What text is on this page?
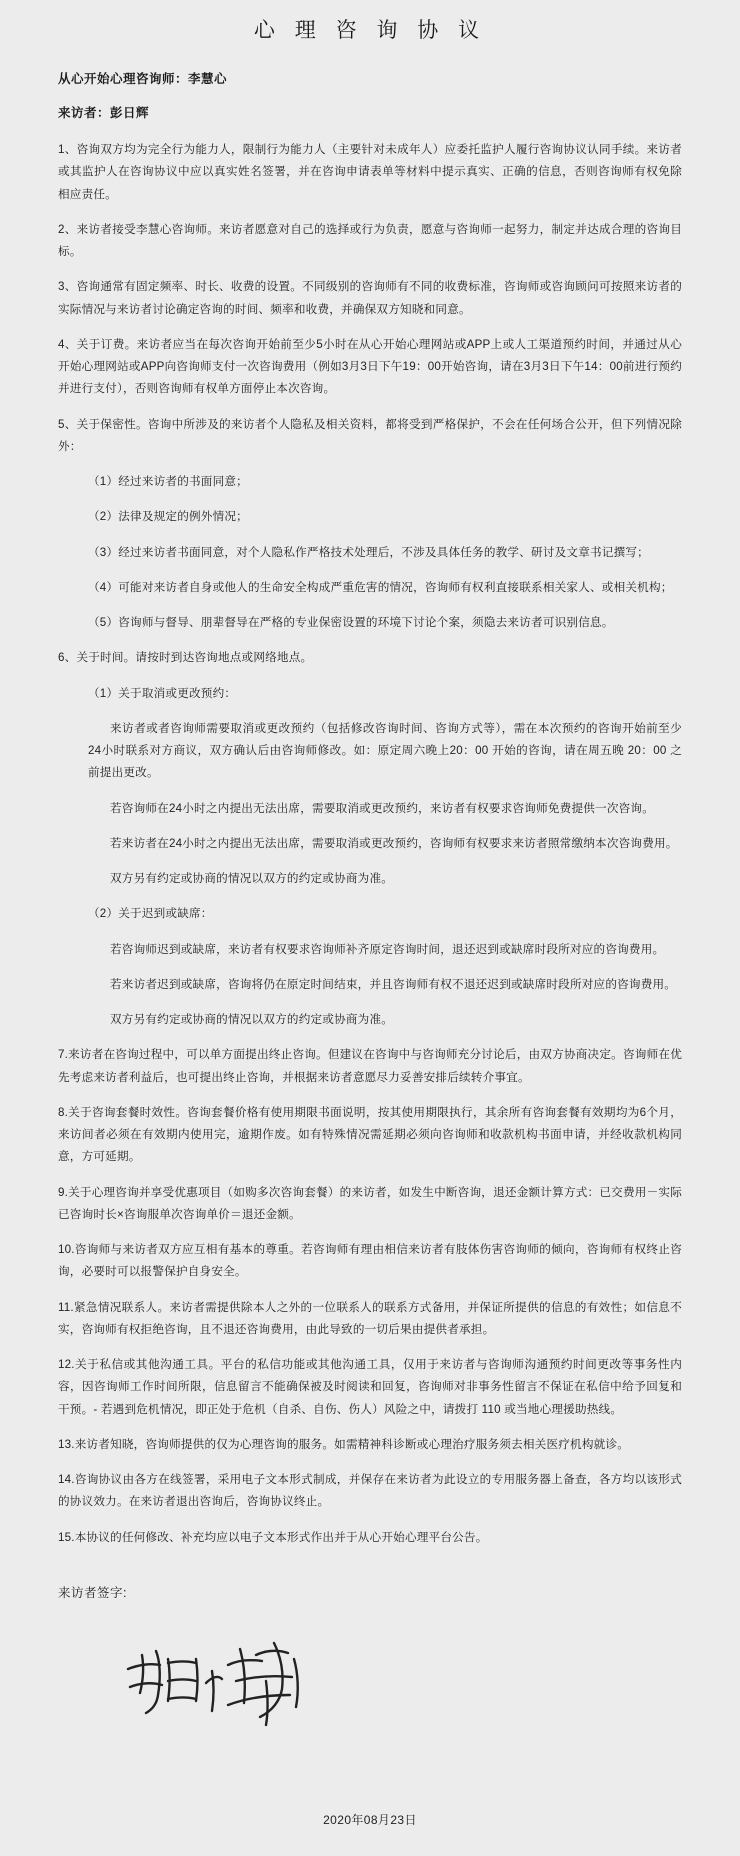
心 理 咨 询 协 议
从心开始心理咨询师：李慧心
来访者：彭日辉

1、咨询双方均为完全行为能力人，限制行为能力人（主要针对未成年人）应委托监护人履行咨询协议认同手续。来访者或其监护人在咨询协议中应以真实姓名签署，并在咨询申请表单等材料中提示真实、正确的信息，否则咨询师有权免除相应责任。

2、来访者接受李慧心咨询师。来访者愿意对自己的选择或行为负责，愿意与咨询师一起努力，制定并达成合理的咨询目标。

3、咨询通常有固定频率、时长、收费的设置。不同级别的咨询师有不同的收费标准，咨询师或咨询顾问可按照来访者的实际情况与来访者讨论确定咨询的时间、频率和收费，并确保双方知晓和同意。

4、关于订费。来访者应当在每次咨询开始前至少5小时在从心开始心理网站或APP上或人工渠道预约时间，并通过从心开始心理网站或APP向咨询师支付一次咨询费用（例如3月3日下午19：00开始咨询，请在3月3日下午14：00前进行预约并进行支付），否则咨询师有权单方面停止本次咨询。

5、关于保密性。咨询中所涉及的来访者个人隐私及相关资料，都将受到严格保护，不会在任何场合公开，但下列情况除外：

（1）经过来访者的书面同意；

（2）法律及规定的例外情况；

（3）经过来访者书面同意，对个人隐私作严格技术处理后，不涉及具体任务的教学、研讨及文章书记撰写；

（4）可能对来访者自身或他人的生命安全构成严重危害的情况，咨询师有权利直接联系相关家人、或相关机构；

（5）咨询师与督导、朋辈督导在严格的专业保密设置的环境下讨论个案，须隐去来访者可识别信息。

6、关于时间。请按时到达咨询地点或网络地点。

（1）关于取消或更改预约：

来访者或者咨询师需要取消或更改预约（包括修改咨询时间、咨询方式等），需在本次预约的咨询开始前至少24小时联系对方商议，双方确认后由咨询师修改。如：原定周六晚上20：00 开始的咨询，请在周五晚 20：00 之前提出更改。

若咨询师在24小时之内提出无法出席，需要取消或更改预约，来访者有权要求咨询师免费提供一次咨询。

若来访者在24小时之内提出无法出席，需要取消或更改预约，咨询师有权要求来访者照常缴纳本次咨询费用。

双方另有约定或协商的情况以双方的约定或协商为准。

（2）关于迟到或缺席：

若咨询师迟到或缺席，来访者有权要求咨询师补齐原定咨询时间，退还迟到或缺席时段所对应的咨询费用。

若来访者迟到或缺席，咨询将仍在原定时间结束，并且咨询师有权不退还迟到或缺席时段所对应的咨询费用。

双方另有约定或协商的情况以双方的约定或协商为准。

7.来访者在咨询过程中，可以单方面提出终止咨询。但建议在咨询中与咨询师充分讨论后，由双方协商决定。咨询师在优先考虑来访者利益后，也可提出终止咨询，并根据来访者意愿尽力妥善安排后续转介事宜。

8.关于咨询套餐时效性。咨询套餐价格有使用期限书面说明，按其使用期限执行，其余所有咨询套餐有效期均为6个月，来访间者必须在有效期内使用完，逾期作废。如有特殊情况需延期必须向咨询师和收款机构书面申请，并经收款机构同意，方可延期。

9.关于心理咨询并享受优惠项目（如购多次咨询套餐）的来访者，如发生中断咨询，退还金额计算方式：已交费用－实际已咨询时长×咨询服单次咨询单价＝退还金额。

10.咨询师与来访者双方应互相有基本的尊重。若咨询师有理由相信来访者有肢体伤害咨询师的倾向，咨询师有权终止咨询，必要时可以报警保护自身安全。

11.紧急情况联系人。来访者需提供除本人之外的一位联系人的联系方式备用，并保证所提供的信息的有效性；如信息不实，咨询师有权拒绝咨询，且不退还咨询费用，由此导致的一切后果由提供者承担。

12.关于私信或其他沟通工具。平台的私信功能或其他沟通工具，仅用于来访者与咨询师沟通预约时间更改等事务性内容，因咨询师工作时间所限，信息留言不能确保被及时阅读和回复，咨询师对非事务性留言不保证在私信中给予回复和干预。- 若遇到危机情况，即正处于危机（自杀、自伤、伤人）风险之中，请拨打 110 或当地心理援助热线。

13.来访者知晓，咨询师提供的仅为心理咨询的服务。如需精神科诊断或心理治疗服务须去相关医疗机构就诊。

14.咨询协议由各方在线签署，采用电子文本形式制成，并保存在来访者为此设立的专用服务器上备查，各方均以该形式的协议效力。在来访者退出咨询后，咨询协议终止。

15.本协议的任何修改、补充均应以电子文本形式作出并于从心开始心理平台公告。

来访者签字:
2020年08月23日
